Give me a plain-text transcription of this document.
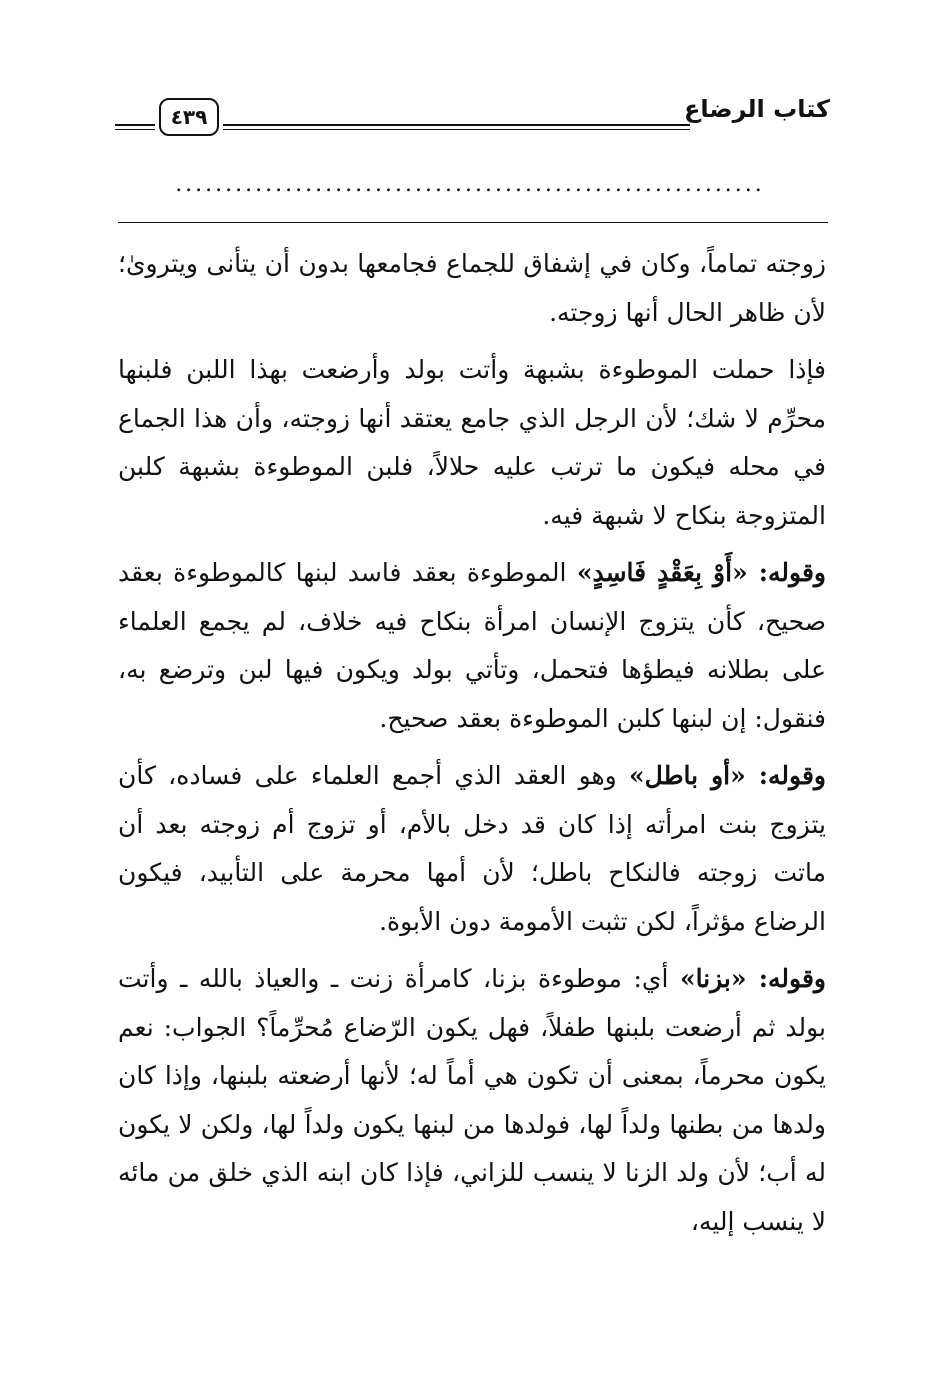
كتاب الرضاع
٤٣٩
...........................................................

زوجته تماماً، وكان في إشفاق للجماع فجامعها بدون أن يتأنى ويتروىٰ؛ لأن ظاهر الحال أنها زوجته.

فإذا حملت الموطوءة بشبهة وأتت بولد وأرضعت بهذا اللبن فلبنها محرِّم لا شك؛ لأن الرجل الذي جامع يعتقد أنها زوجته، وأن هذا الجماع في محله فيكون ما ترتب عليه حلالاً، فلبن الموطوءة بشبهة كلبن المتزوجة بنكاح لا شبهة فيه.

وقوله: «أَوْ بِعَقْدٍ فَاسِدٍ» الموطوءة بعقد فاسد لبنها كالموطوءة بعقد صحيح، كأن يتزوج الإنسان امرأة بنكاح فيه خلاف، لم يجمع العلماء على بطلانه فيطؤها فتحمل، وتأتي بولد ويكون فيها لبن وترضع به، فنقول: إن لبنها كلبن الموطوءة بعقد صحيح.

وقوله: «أو باطل» وهو العقد الذي أجمع العلماء على فساده، كأن يتزوج بنت امرأته إذا كان قد دخل بالأم، أو تزوج أم زوجته بعد أن ماتت زوجته فالنكاح باطل؛ لأن أمها محرمة على التأبيد، فيكون الرضاع مؤثراً، لكن تثبت الأمومة دون الأبوة.

وقوله: «بزنا» أي: موطوءة بزنا، كامرأة زنت ـ والعياذ بالله ـ وأتت بولد ثم أرضعت بلبنها طفلاً، فهل يكون الرّضاع مُحرِّماً؟ الجواب: نعم يكون محرماً، بمعنى أن تكون هي أماً له؛ لأنها أرضعته بلبنها، وإذا كان ولدها من بطنها ولداً لها، فولدها من لبنها يكون ولداً لها، ولكن لا يكون له أب؛ لأن ولد الزنا لا ينسب للزاني، فإذا كان ابنه الذي خلق من مائه لا ينسب إليه،
